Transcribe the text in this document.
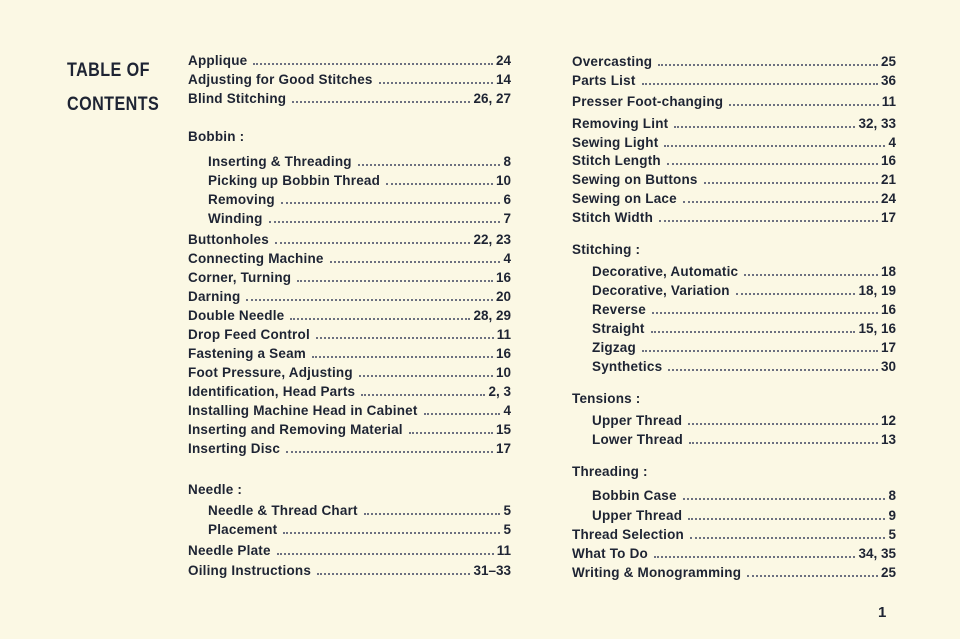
TABLE OF
CONTENTS
Applique	24
Adjusting for Good Stitches	14
Blind Stitching	26, 27
Bobbin :
Inserting & Threading	8
Picking up Bobbin Thread	10
Removing	6
Winding	7
Buttonholes	22, 23
Connecting Machine	4
Corner, Turning	16
Darning	20
Double Needle	28, 29
Drop Feed Control	11
Fastening a Seam	16
Foot Pressure, Adjusting	10
Identification, Head Parts	2, 3
Installing Machine Head in Cabinet	4
Inserting and Removing Material	15
Inserting Disc	17
Needle :
Needle & Thread Chart	5
Placement	5
Needle Plate	11
Oiling Instructions	31–33
Overcasting	25
Parts List	36
Presser Foot-changing	11
Removing Lint	32, 33
Sewing Light	4
Stitch Length	16
Sewing on Buttons	21
Sewing on Lace	24
Stitch Width	17
Stitching :
Decorative, Automatic	18
Decorative, Variation	18, 19
Reverse	16
Straight	15, 16
Zigzag	17
Synthetics	30
Tensions :
Upper Thread	12
Lower Thread	13
Threading :
Bobbin Case	8
Upper Thread	9
Thread Selection	5
What To Do	34, 35
Writing & Monogramming	25
1
